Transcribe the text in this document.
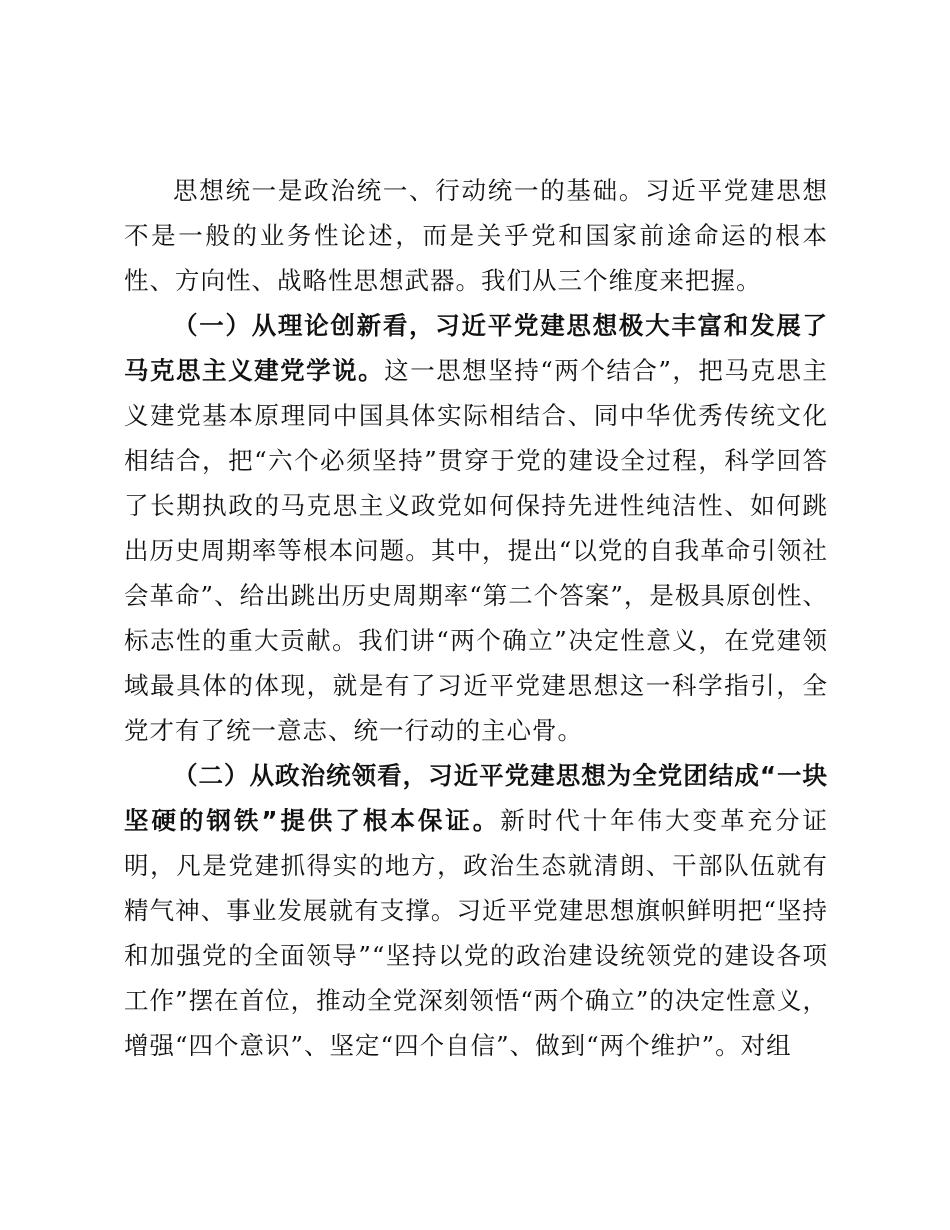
思想统一是政治统一、行动统一的基础。习近平党建思想不是一般的业务性论述，而是关乎党和国家前途命运的根本性、方向性、战略性思想武器。我们从三个维度来把握。

（一）从理论创新看，习近平党建思想极大丰富和发展了马克思主义建党学说。这一思想坚持“两个结合”，把马克思主义建党基本原理同中国具体实际相结合、同中华优秀传统文化相结合，把“六个必须坚持”贯穿于党的建设全过程，科学回答了长期执政的马克思主义政党如何保持先进性纯洁性、如何跳出历史周期率等根本问题。其中，提出“以党的自我革命引领社会革命”、给出跳出历史周期率“第二个答案”，是极具原创性、标志性的重大贡献。我们讲“两个确立”决定性意义，在党建领域最具体的体现，就是有了习近平党建思想这一科学指引，全党才有了统一意志、统一行动的主心骨。

（二）从政治统领看，习近平党建思想为全党团结成“一块坚硬的钢铁”提供了根本保证。新时代十年伟大变革充分证明，凡是党建抓得实的地方，政治生态就清朗、干部队伍就有精气神、事业发展就有支撑。习近平党建思想旗帜鲜明把“坚持和加强党的全面领导”“坚持以党的政治建设统领党的建设各项工作”摆在首位，推动全党深刻领悟“两个确立”的决定性意义，增强“四个意识”、坚定“四个自信”、做到“两个维护”。对组
